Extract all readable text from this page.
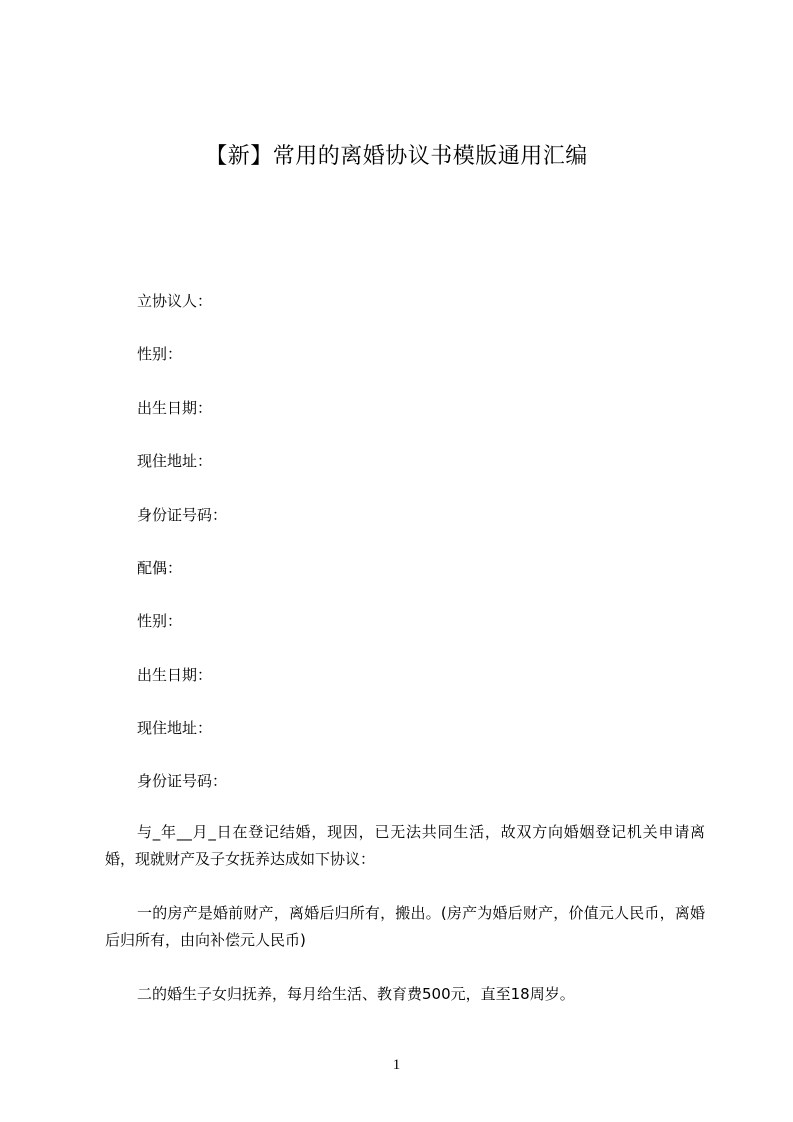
【新】常用的离婚协议书模版通用汇编
立协议人：
性别：
出生日期：
现住地址：
身份证号码：
配偶：
性别：
出生日期：
现住地址：
身份证号码：
与_年__月_日在登记结婚，现因，已无法共同生活，故双方向婚姻登记机关申请离婚，现就财产及子女抚养达成如下协议：
一的房产是婚前财产，离婚后归所有，搬出。(房产为婚后财产，价值元人民币，离婚后归所有，由向补偿元人民币)
二的婚生子女归抚养，每月给生活、教育费500元，直至18周岁。
1
